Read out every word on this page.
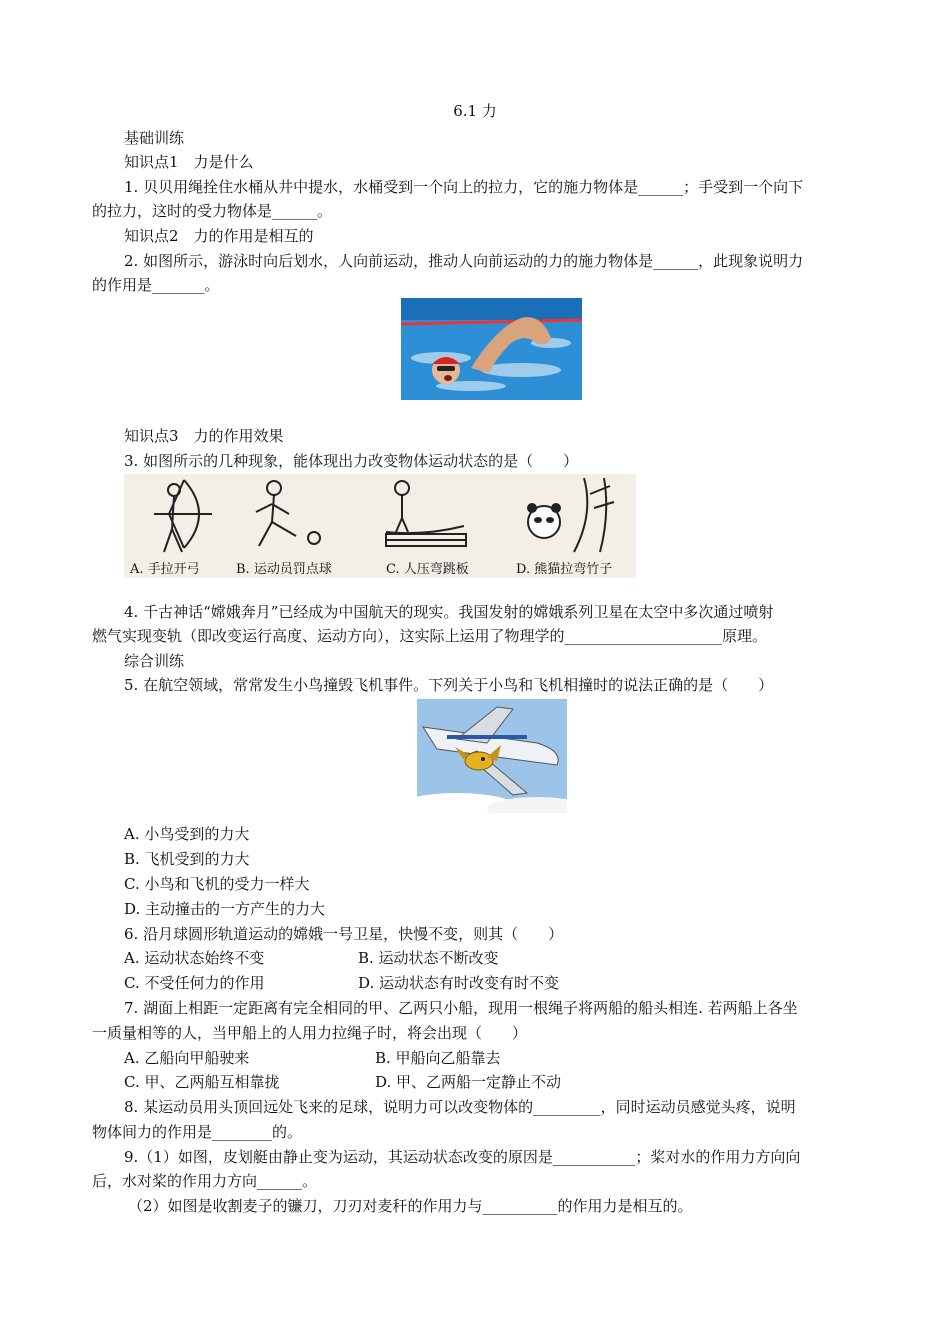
6.1 力
基础训练
知识点1　力是什么
1. 贝贝用绳拴住水桶从井中提水，水桶受到一个向上的拉力，它的施力物体是______；手受到一个向下
的拉力，这时的受力物体是______。
知识点2　力的作用是相互的
2. 如图所示，游泳时向后划水，人向前运动，推动人向前运动的力的施力物体是______，此现象说明力
的作用是_______。
知识点3　力的作用效果
3. 如图所示的几种现象，能体现出力改变物体运动状态的是（　　）
A. 手拉开弓	B. 运动员罚点球	C. 人压弯跳板	D. 熊猫拉弯竹子
4. 千古神话“嫦娥奔月”已经成为中国航天的现实。我国发射的嫦娥系列卫星在太空中多次通过喷射
燃气实现变轨（即改变运行高度、运动方向），这实际上运用了物理学的_____________________原理。
综合训练
5. 在航空领域，常常发生小鸟撞毁飞机事件。下列关于小鸟和飞机相撞时的说法正确的是（　　）
A. 小鸟受到的力大
B. 飞机受到的力大
C. 小鸟和飞机的受力一样大
D. 主动撞击的一方产生的力大
6. 沿月球圆形轨道运动的嫦娥一号卫星，快慢不变，则其（　　）
A. 运动状态始终不变	B. 运动状态不断改变
C. 不受任何力的作用	D. 运动状态有时改变有时不变
7. 湖面上相距一定距离有完全相同的甲、乙两只小船，现用一根绳子将两船的船头相连. 若两船上各坐
一质量相等的人，当甲船上的人用力拉绳子时，将会出现（　　）
A. 乙船向甲船驶来	B. 甲船向乙船靠去
C. 甲、乙两船互相靠拢	D. 甲、乙两船一定静止不动
8. 某运动员用头顶回远处飞来的足球，说明力可以改变物体的_________，同时运动员感觉头疼，说明
物体间力的作用是________的。
9.（1）如图，皮划艇由静止变为运动，其运动状态改变的原因是___________；桨对水的作用力方向向
后，水对桨的作用力方向______。
（2）如图是收割麦子的镰刀，刀刃对麦秆的作用力与__________的作用力是相互的。
